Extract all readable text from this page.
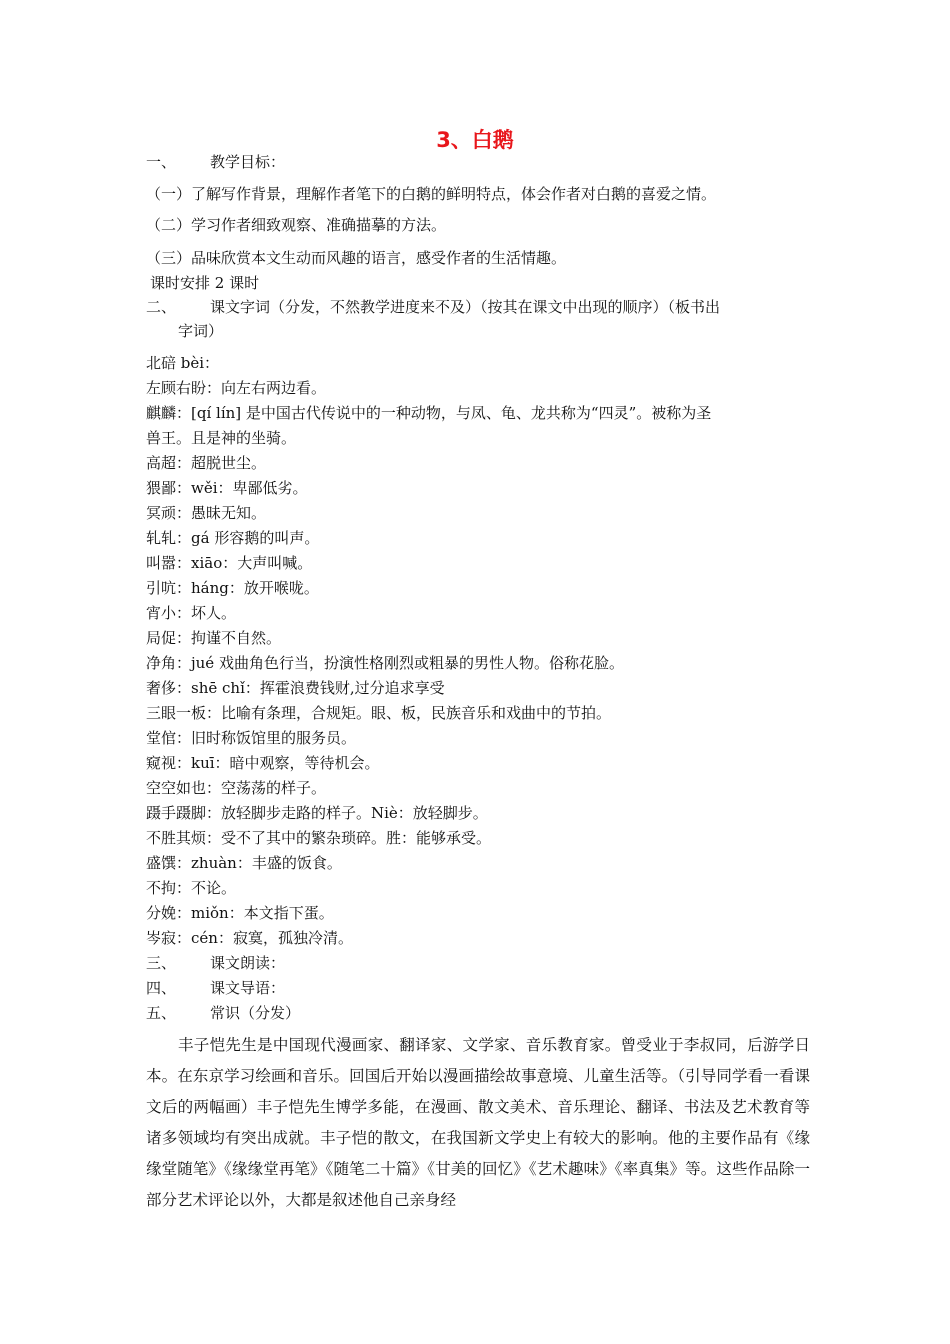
3、白鹅
一、 教学目标：
（一）了解写作背景，理解作者笔下的白鹅的鲜明特点，体会作者对白鹅的喜爱之情。
（二）学习作者细致观察、准确描摹的方法。
（三）品味欣赏本文生动而风趣的语言，感受作者的生活情趣。
课时安排 2 课时
二、 课文字词（分发，不然教学进度来不及）（按其在课文中出现的顺序）（板书出
字词）
北碚 bèi：
左顾右盼：向左右两边看。
麒麟：[qí lín] 是中国古代传说中的一种动物，与凤、龟、龙共称为“四灵”。被称为圣
兽王。且是神的坐骑。
高超：超脱世尘。
猥鄙：wěi：卑鄙低劣。
冥顽：愚昧无知。
轧轧：gá 形容鹅的叫声。
叫嚣：xiāo：大声叫喊。
引吭：háng：放开喉咙。
宵小：坏人。
局促：拘谨不自然。
净角：jué 戏曲角色行当，扮演性格刚烈或粗暴的男性人物。俗称花脸。
奢侈：shē chǐ：挥霍浪费钱财,过分追求享受
三眼一板：比喻有条理，合规矩。眼、板，民族音乐和戏曲中的节拍。
堂倌：旧时称饭馆里的服务员。
窥视：kuī：暗中观察，等待机会。
空空如也：空荡荡的样子。
蹑手蹑脚：放轻脚步走路的样子。Niè：放轻脚步。
不胜其烦：受不了其中的繁杂琐碎。胜：能够承受。
盛馔：zhuàn：丰盛的饭食。
不拘：不论。
分娩：miǒn：本文指下蛋。
岑寂：cén：寂寞，孤独冷清。
三、 课文朗读：
四、 课文导语：
五、 常识（分发）
丰子恺先生是中国现代漫画家、翻译家、文学家、音乐教育家。曾受业于李叔同，后游学日本。在东京学习绘画和音乐。回国后开始以漫画描绘故事意境、儿童生活等。（引导同学看一看课文后的两幅画）丰子恺先生博学多能，在漫画、散文美术、音乐理论、翻译、书法及艺术教育等诸多领域均有突出成就。丰子恺的散文，在我国新文学史上有较大的影响。他的主要作品有《缘缘堂随笔》《缘缘堂再笔》《随笔二十篇》《甘美的回忆》《艺术趣味》《率真集》等。这些作品除一部分艺术评论以外，大都是叙述他自己亲身经
